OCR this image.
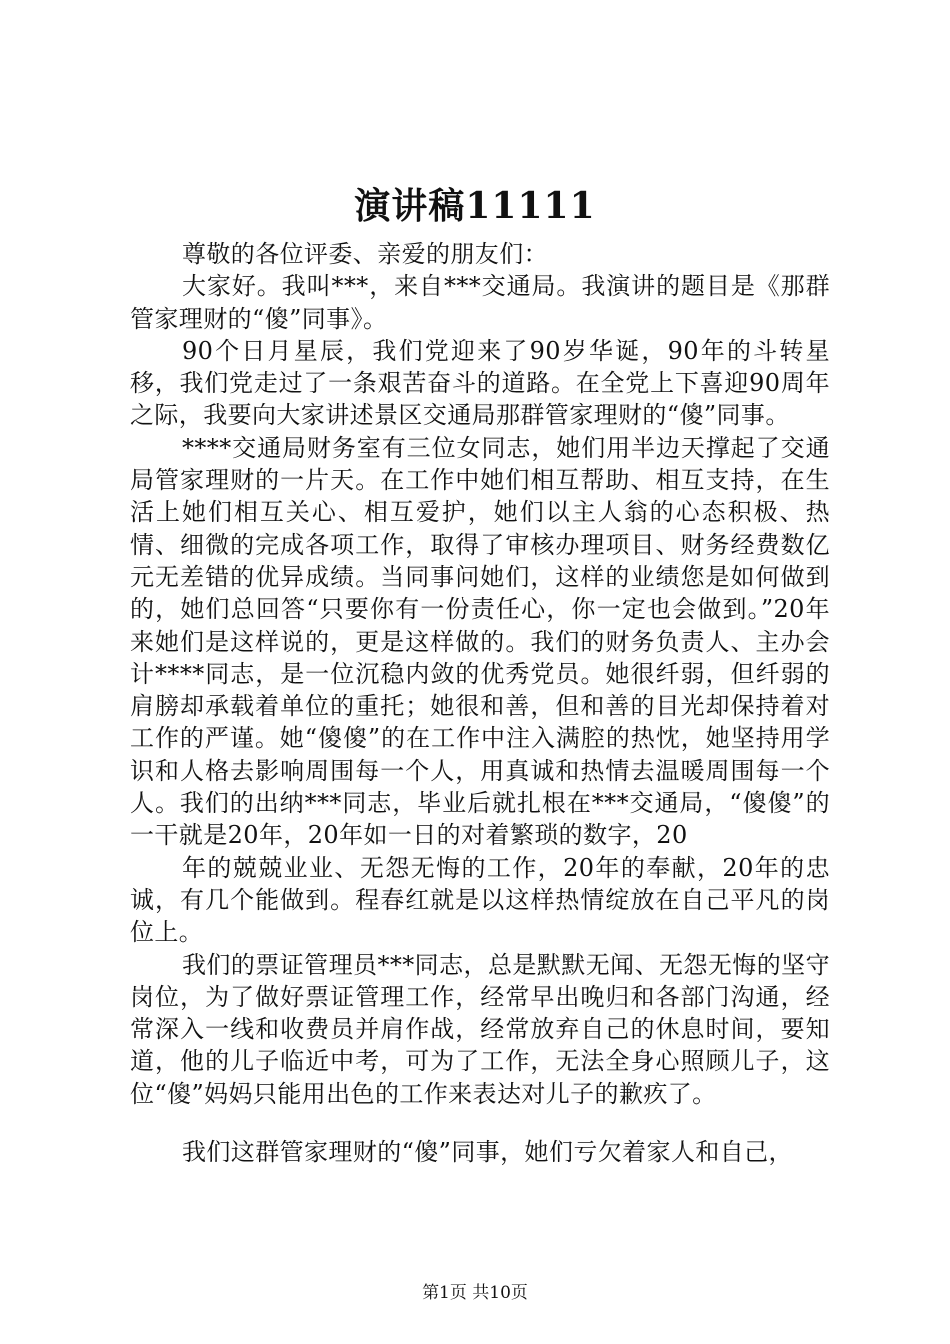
演讲稿11111

尊敬的各位评委、亲爱的朋友们：

大家好。我叫***，来自***交通局。我演讲的题目是《那群管家理财的“傻”同事》。

90个日月星辰，我们党迎来了90岁华诞，90年的斗转星移，我们党走过了一条艰苦奋斗的道路。在全党上下喜迎90周年之际，我要向大家讲述景区交通局那群管家理财的“傻”同事。

****交通局财务室有三位女同志，她们用半边天撑起了交通局管家理财的一片天。在工作中她们相互帮助、相互支持，在生活上她们相互关心、相互爱护，她们以主人翁的心态积极、热情、细微的完成各项工作，取得了审核办理项目、财务经费数亿元无差错的优异成绩。当同事问她们，这样的业绩您是如何做到的，她们总回答“只要你有一份责任心，你一定也会做到。”20年来她们是这样说的，更是这样做的。我们的财务负责人、主办会计****同志，是一位沉稳内敛的优秀党员。她很纤弱，但纤弱的肩膀却承载着单位的重托；她很和善，但和善的目光却保持着对工作的严谨。她“傻傻”的在工作中注入满腔的热忱，她坚持用学识和人格去影响周围每一个人，用真诚和热情去温暖周围每一个人。我们的出纳***同志，毕业后就扎根在***交通局，“傻傻”的一干就是20年，20年如一日的对着繁琐的数字，20

年的兢兢业业、无怨无悔的工作，20年的奉献，20年的忠诚，有几个能做到。程春红就是以这样热情绽放在自己平凡的岗位上。

我们的票证管理员***同志，总是默默无闻、无怨无悔的坚守岗位，为了做好票证管理工作，经常早出晚归和各部门沟通，经常深入一线和收费员并肩作战，经常放弃自己的休息时间，要知道，他的儿子临近中考，可为了工作，无法全身心照顾儿子，这位“傻”妈妈只能用出色的工作来表达对儿子的歉疚了。

我们这群管家理财的“傻”同事，她们亏欠着家人和自己，

第1页 共10页
